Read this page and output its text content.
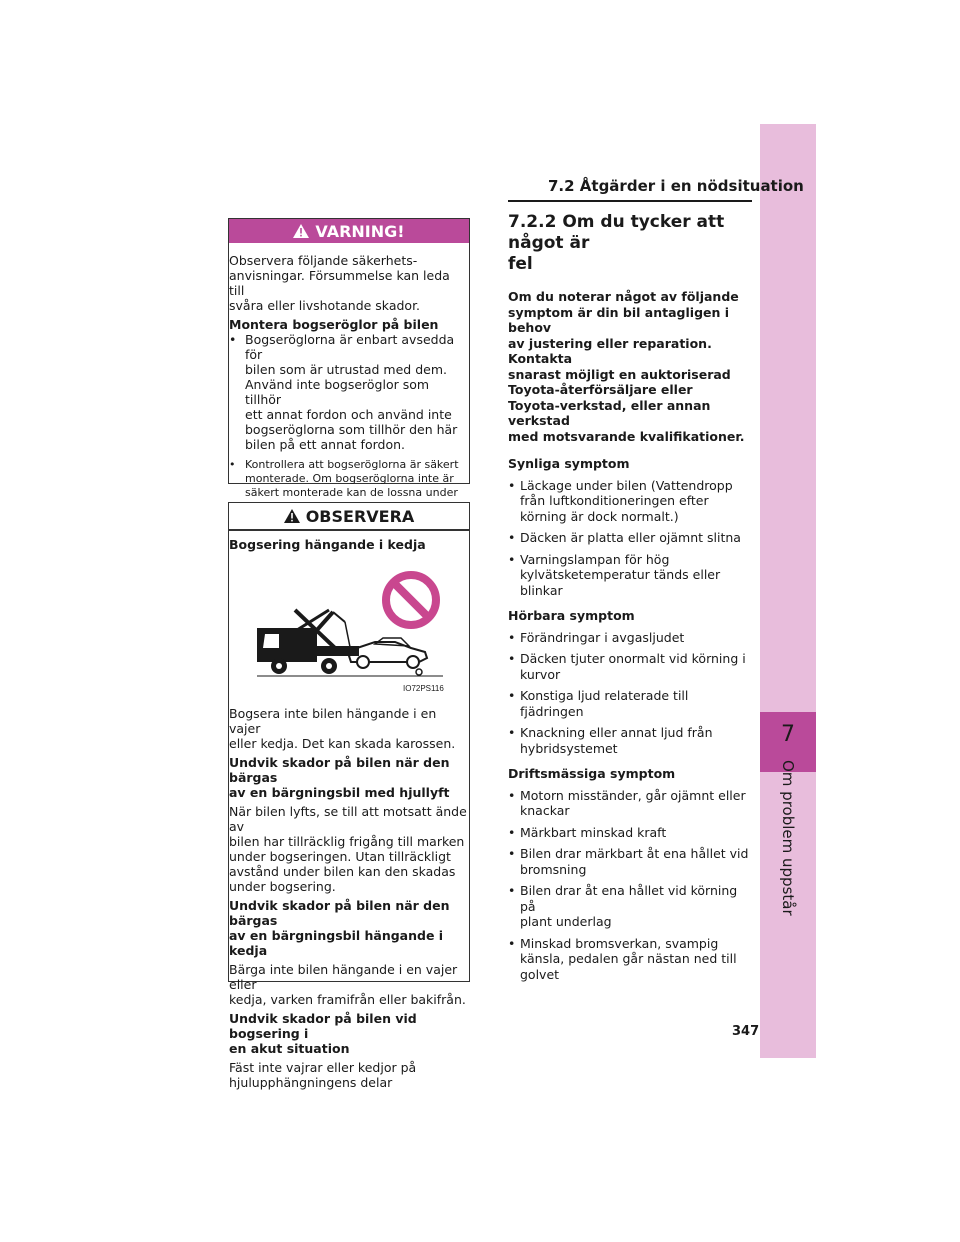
7
Om problem uppstår
7.2 Åtgärder i en nödsituation
VARNING!
Observera följande säkerhets-
anvisningar. Försummelse kan leda till
svåra eller livshotande skador.
Montera bogseröglor på bilen
• Bogseröglorna är enbart avsedda för
bilen som är utrustad med dem.
Använd inte bogseröglor som tillhör
ett annat fordon och använd inte
bogseröglorna som tillhör den här
bilen på ett annat fordon.
• Kontrollera att bogseröglorna är säkert
monterade. Om bogseröglorna inte är
säkert monterade kan de lossna under

OBSERVERA
Bogsering hängande i kedja
IO72PS116
Bogsera inte bilen hängande i en vajer
eller kedja. Det kan skada karossen.
Undvik skador på bilen när den bärgas
av en bärgningsbil med hjullyft
När bilen lyfts, se till att motsatt ände av
bilen har tillräcklig frigång till marken
under bogseringen. Utan tillräckligt
avstånd under bilen kan den skadas
under bogsering.
Undvik skador på bilen när den bärgas
av en bärgningsbil hängande i kedja
Bärga inte bilen hängande i en vajer eller
kedja, varken framifrån eller bakifrån.
Undvik skador på bilen vid bogsering i
en akut situation
Fäst inte vajrar eller kedjor på
hjulupphängningens delar
7.2.2 Om du tycker att något är
fel
Om du noterar något av följande
symptom är din bil antagligen i behov
av justering eller reparation. Kontakta
snarast möjligt en auktoriserad
Toyota-återförsäljare eller
Toyota-verkstad, eller annan verkstad
med motsvarande kvalifikationer.
Synliga symptom
• Läckage under bilen (Vattendropp
från luftkonditioneringen efter
körning är dock normalt.)
• Däcken är platta eller ojämnt slitna
• Varningslampan för hög
kylvätsketemperatur tänds eller
blinkar
Hörbara symptom
• Förändringar i avgasljudet
• Däcken tjuter onormalt vid körning i
kurvor
• Konstiga ljud relaterade till fjädringen
• Knackning eller annat ljud från
hybridsystemet
Driftsmässiga symptom
• Motorn misständer, går ojämnt eller
knackar
• Märkbart minskad kraft
• Bilen drar märkbart åt ena hållet vid
bromsning
• Bilen drar åt ena hållet vid körning på
plant underlag
• Minskad bromsverkan, svampig
känsla, pedalen går nästan ned till
golvet
347
